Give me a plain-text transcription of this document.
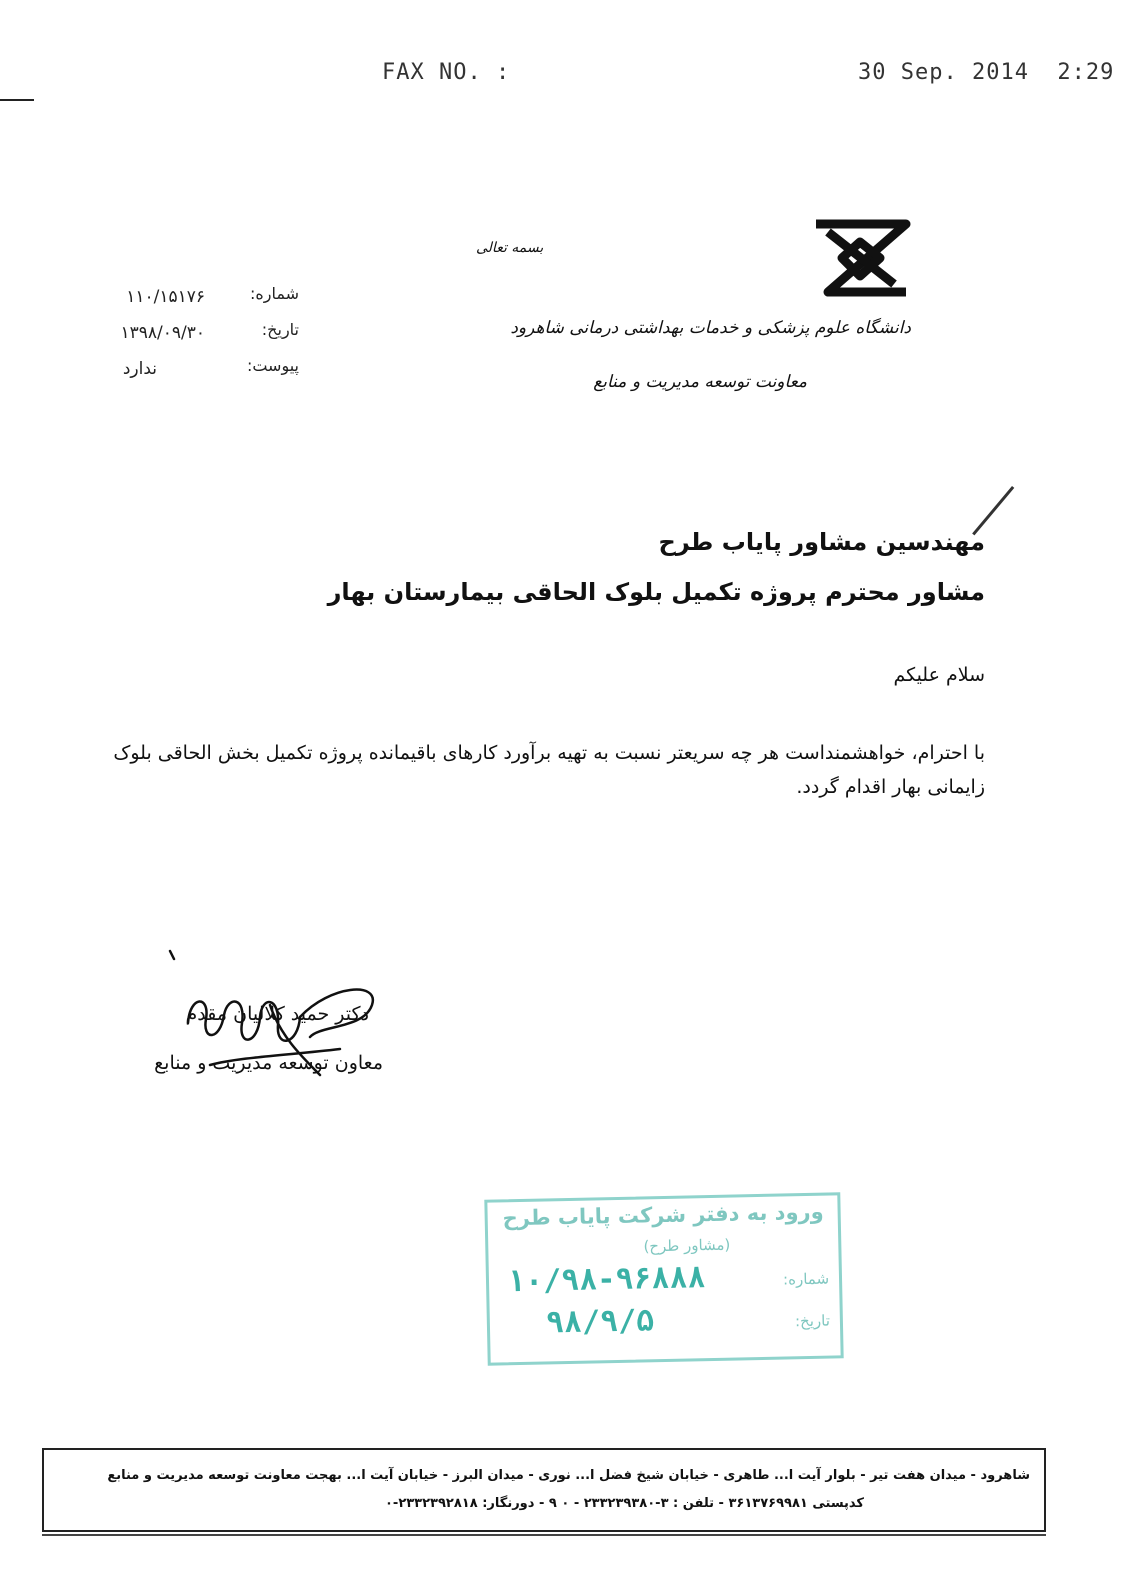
FAX NO. :	30 Sep. 2014  2:29
بسمه تعالی
دانشگاه علوم پزشکی و خدمات بهداشتی درمانی شاهرود
معاونت توسعه مدیریت و منابع
شماره:
۱۱۰/۱۵۱۷۶
تاریخ:
۱۳۹۸/۰۹/۳۰
پیوست:
ندارد
مهندسین مشاور پایاب طرح
مشاور محترم پروژه تکمیل بلوک الحاقی بیمارستان بهار
سلام علیکم
با احترام، خواهشمنداست هر چه سریعتر نسبت به تهیه برآورد کارهای باقیمانده پروژه تکمیل بخش الحاقی بلوک زایمانی بهار اقدام گردد.
دکتر حمید کلالیان مقدم
معاون توسعه مدیریت و منابع
ورود به دفتر شرکت پایاب طرح
(مشاور طرح)
شماره:
۱۰/۹۸-۹۶۸۸۸
تاریخ:
۹۸/۹/۵
شاهرود - میدان هفت تیر - بلوار آیت ا... طاهری - خیابان شیخ فضل ا... نوری - میدان البرز - خیابان آیت ا... بهجت معاونت توسعه مدیریت و منابع
کدپستی ۳۶۱۳۷۶۹۹۸۱ - تلفن : ۳-۲۳۳۲۳۹۳۸۰ - ۰ ۹ - دورنگار: ۲۳۳۲۳۹۲۸۱۸-۰
